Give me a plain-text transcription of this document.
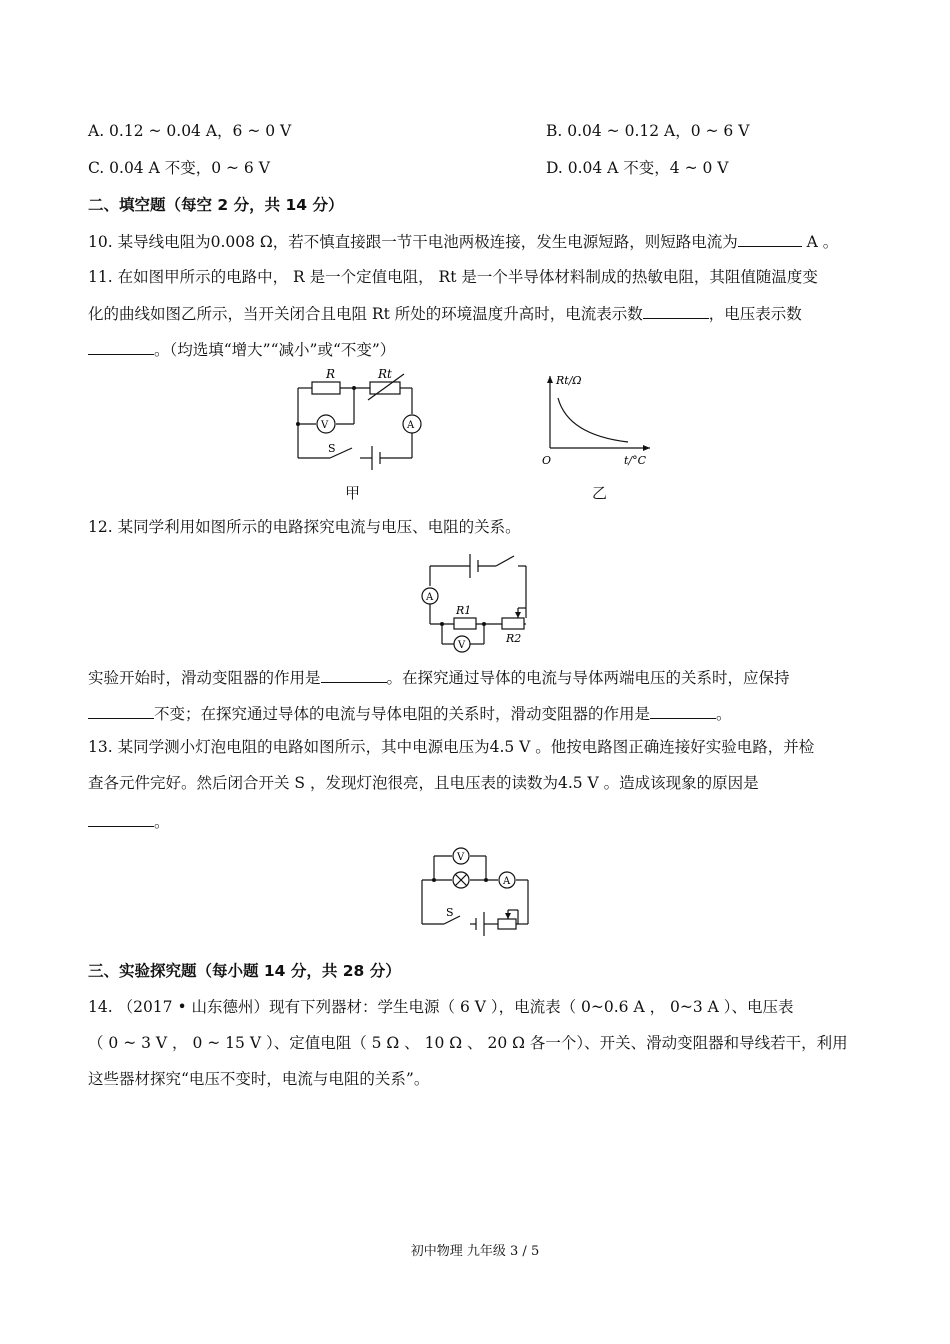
A. 0.12 ~ 0.04 A，6 ~ 0 V	B. 0.04 ~ 0.12 A，0 ~ 6 V
C. 0.04 A 不变，0 ~ 6 V	D. 0.04 A 不变，4 ~ 0 V
二、填空题（每空 2 分，共 14 分）
10. 某导线电阻为0.008 Ω，若不慎直接跟一节干电池两极连接，发生电源短路，则短路电流为	A 。
11. 在如图甲所示的电路中， R 是一个定值电阻， Rt 是一个半导体材料制成的热敏电阻，其阻值随温度变
化的曲线如图乙所示，当开关闭合且电阻 Rt 所处的环境温度升高时，电流表示数	，电压表示数
。（均选填“增大”“减小”或“不变”）
R	Rt
V	A
S
甲
Rt/Ω
O	t/°C
乙
12. 某同学利用如图所示的电路探究电流与电压、电阻的关系。
A
R1
V
R2
实验开始时，滑动变阻器的作用是	。在探究通过导体的电流与导体两端电压的关系时，应保持
不变；在探究通过导体的电流与导体电阻的关系时，滑动变阻器的作用是	。
13. 某同学测小灯泡电阻的电路如图所示，其中电源电压为4.5 V 。他按电路图正确连接好实验电路，并检
查各元件完好。然后闭合开关 S ，发现灯泡很亮，且电压表的读数为4.5 V 。造成该现象的原因是
。
V
A
S
三、实验探究题（每小题 14 分，共 28 分）
14. （2017 • 山东德州）现有下列器材：学生电源（ 6 V ），电流表（ 0~0.6 A ， 0~3 A ）、电压表
（ 0 ~ 3 V ， 0 ~ 15 V ）、定值电阻（ 5 Ω 、 10 Ω 、 20 Ω 各一个）、开关、滑动变阻器和导线若干，利用
这些器材探究“电压不变时，电流与电阻的关系”。
初中物理 九年级 3 / 5
